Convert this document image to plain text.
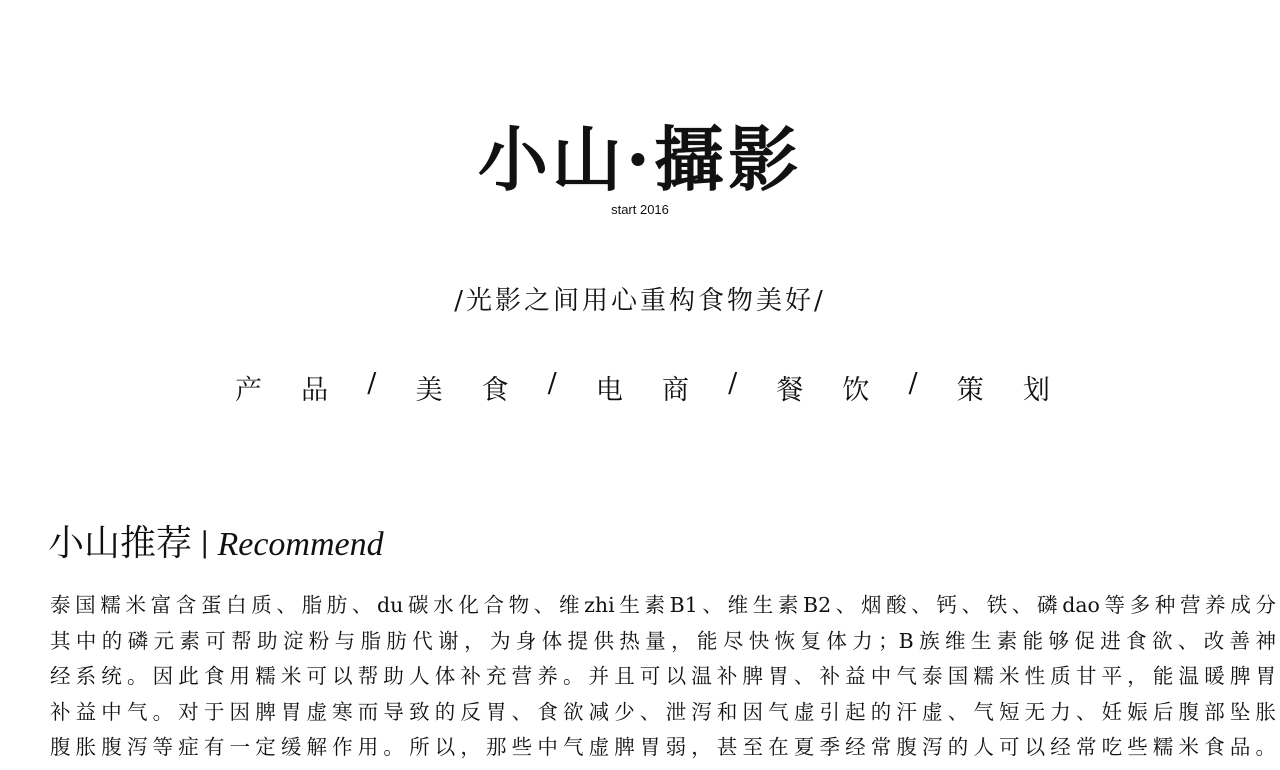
小山·攝影
start 2016
/光影之间用心重构食物美好/
产 品 / 美 食 / 电 商 / 餐 饮 / 策 划
小山推荐 | Recommend
泰国糯米富含蛋白质、脂肪、du碳水化合物、维zhi生素B1、维生素B2、烟酸、钙、铁、磷dao等多种营养成分
其中的磷元素可帮助淀粉与脂肪代谢，为身体提供热量，能尽快恢复体力；B族维生素能够促进食欲、改善神
经系统。因此食用糯米可以帮助人体补充营养。并且可以温补脾胃、补益中气泰国糯米性质甘平，能温暖脾胃
补益中气。对于因脾胃虚寒而导致的反胃、食欲减少、泄泻和因气虚引起的汗虚、气短无力、妊娠后腹部坠胀
腹胀腹泻等症有一定缓解作用。所以，那些中气虚脾胃弱，甚至在夏季经常腹泻的人可以经常吃些糯米食品。
